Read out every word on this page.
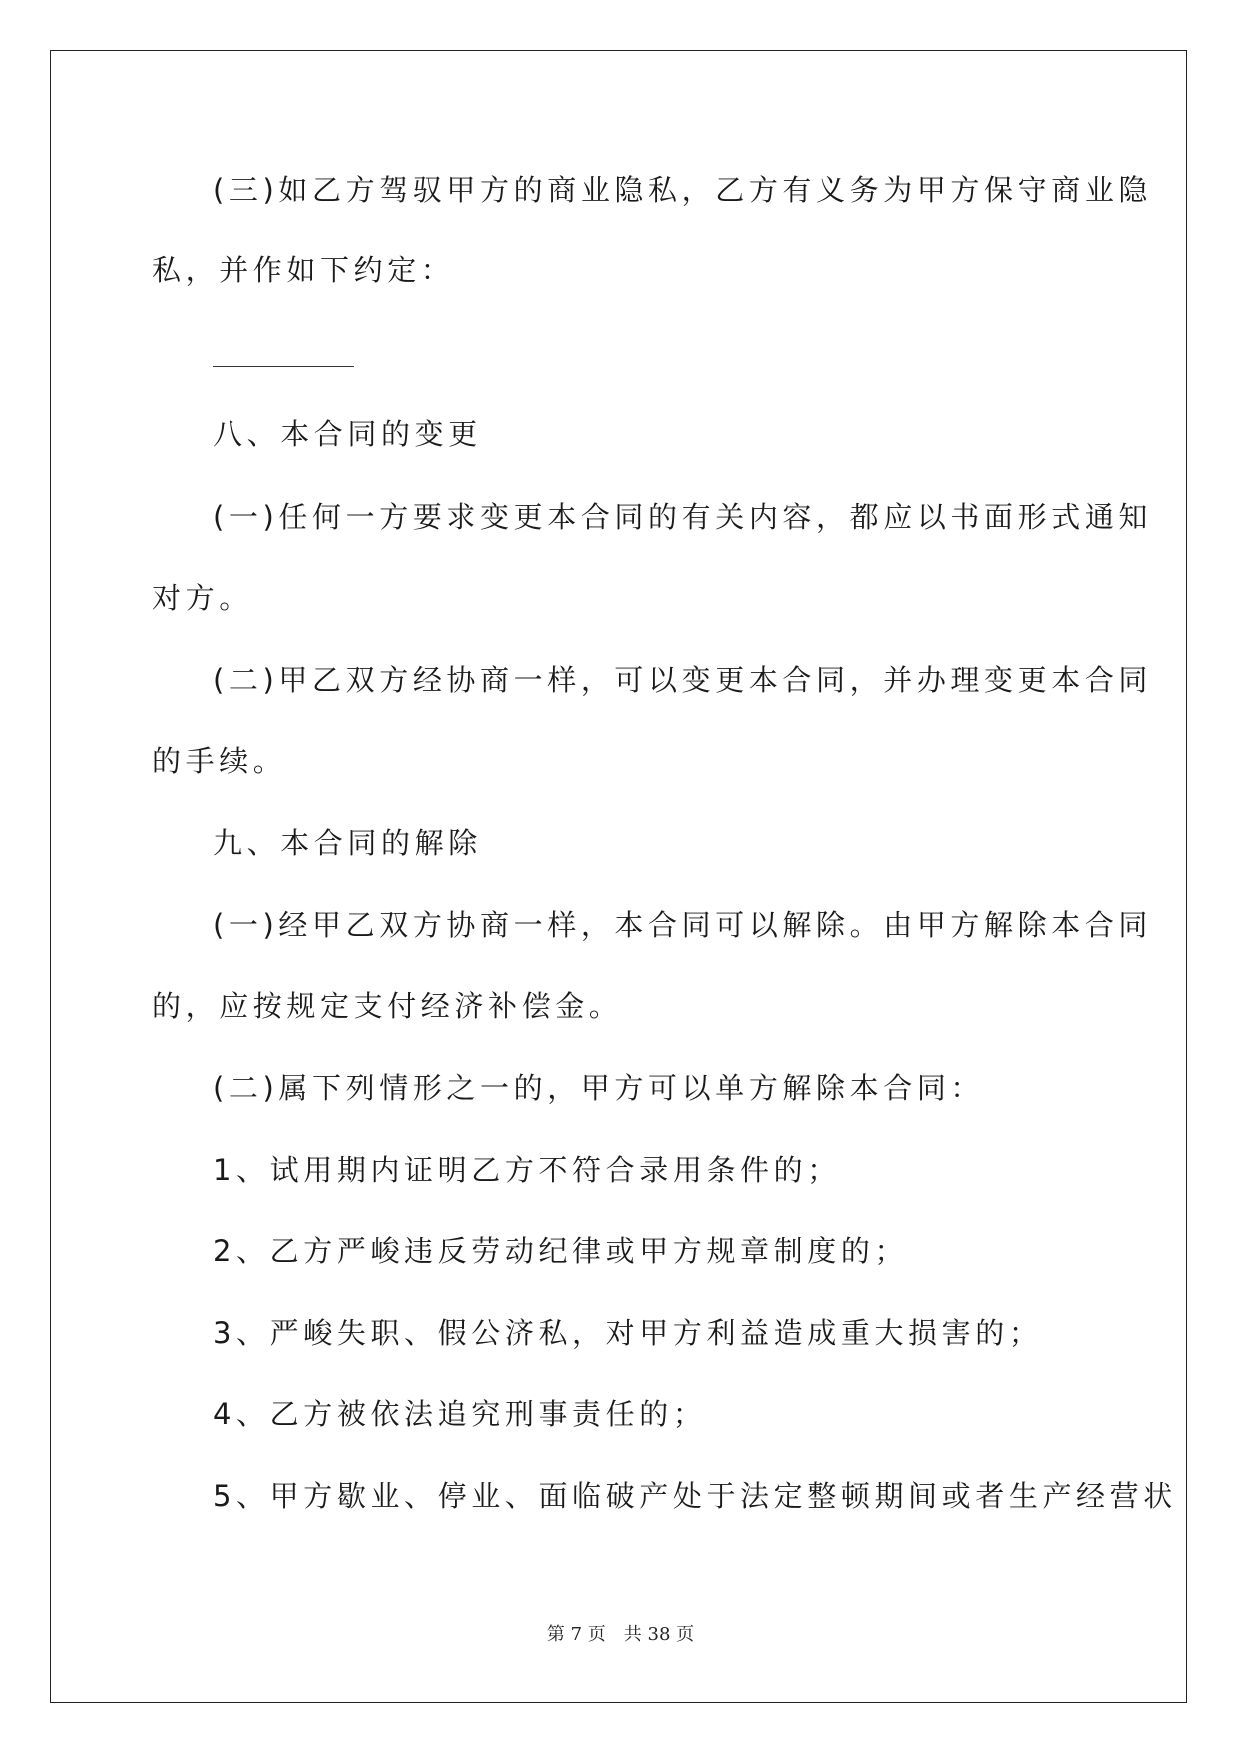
(三)如乙方驾驭甲方的商业隐私，乙方有义务为甲方保守商业隐
私，并作如下约定：
八、本合同的变更
(一)任何一方要求变更本合同的有关内容，都应以书面形式通知
对方。
(二)甲乙双方经协商一样，可以变更本合同，并办理变更本合同
的手续。
九、本合同的解除
(一)经甲乙双方协商一样，本合同可以解除。由甲方解除本合同
的，应按规定支付经济补偿金。
(二)属下列情形之一的，甲方可以单方解除本合同：
1、试用期内证明乙方不符合录用条件的；
2、乙方严峻违反劳动纪律或甲方规章制度的；
3、严峻失职、假公济私，对甲方利益造成重大损害的；
4、乙方被依法追究刑事责任的；
5、甲方歇业、停业、面临破产处于法定整顿期间或者生产经营状
第 7 页　共 38 页
